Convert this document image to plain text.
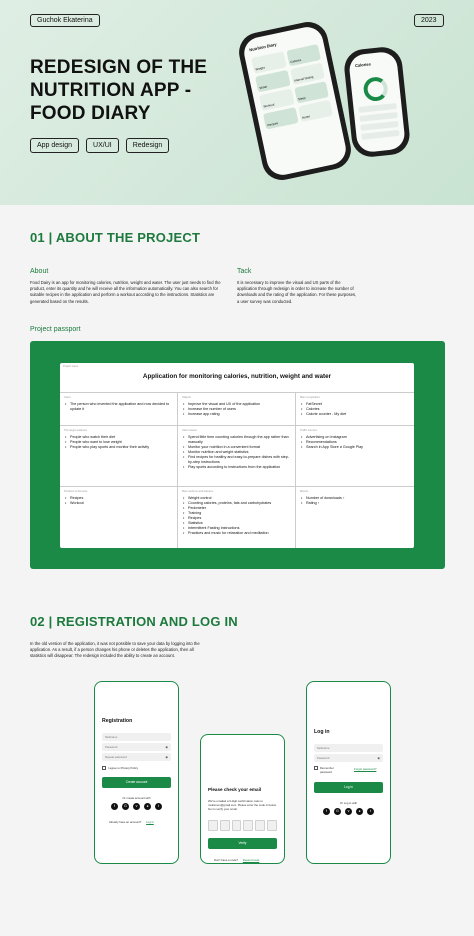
Guchok Ekaterina	2023
REDESIGN OF THE NUTRITION APP - FOOD DIARY
App design	UX/UI	Redesign
Nutrition Diary
Weight
Calories
Water
Interval fasting
Workout
Sleep
Recipes
Notes
Calories
01 | ABOUT THE PROJECT
About
Food Dairy is an app for monitoring calories, nutrition, weight and water. The user just needs to find the product, enter its quantity and he will receive all the information automatically. You can also search for suitable recipes in the application and perform a workout according to the instructions. Statistics are generated based on the results.
Tack
It is necessary to improve the visual and UX parts of the application through redesign in order to increase the number of downloads and the rating of the application. For these purposes, a user survey was conducted.
Project passport
Project name
Application for monitoring calories, nutrition, weight and water
Users
• The person who invented the application and now decided to update it
Objects
• Improve the visual and UX of the application
• Increase the number of users
• Increase app rating
Main competitors
• FatSecret
• Calories
• Calorie counter - My diet
The target audience
• People who watch their diet
• People who want to lose weight
• People who play sports and monitor their activity
Users issues
• Spend little time counting calories through the app rather than manually
• Monitor your nutrition in a convenient format
• Monitor nutrition and weight statistics
• Find recipes for healthy and easy-to-prepare dishes with step-by-step instructions
• Play sports according to instructions from the application
Traffic sources
• Advertising on Instagram
• Recommendations
• Search in App Store и Google Play
Products & Services
• Recipes
• Workout
Main sections and features
• Weight control
• Counting calories, proteins, fats and carbohydrates
• Pedometer
• Training
• Recipes
• Statistics
• Intermittent Fasting Instructions
• Practices and music for relaxation and meditation
Metrics
• Number of downloads ↑
• Rating ↑
02 | REGISTRATION AND LOG IN
In the old version of the application, it was not possible to save your data by logging into the application. As a result, if a person changes his phone or deletes the application, then all statistics will disappear. The redesign included the ability to create an account.
Registration
Nickname
Password	◉
Repeat password	◉
I agree to Privacy Policy
Create account
Or create account with
f	G	v	●	t
Already have an account? Log in
Please check your email
We've emailed a 6-digit confirmation code to meksimov@gmail.com. Please enter the code in below box to verify your email.
Verify
Don't have a code? Resend code
Log in
Nickname
Password	◉
Remember password
Forgot password?
Log in
Or Log in with
f	G	v	●	t
